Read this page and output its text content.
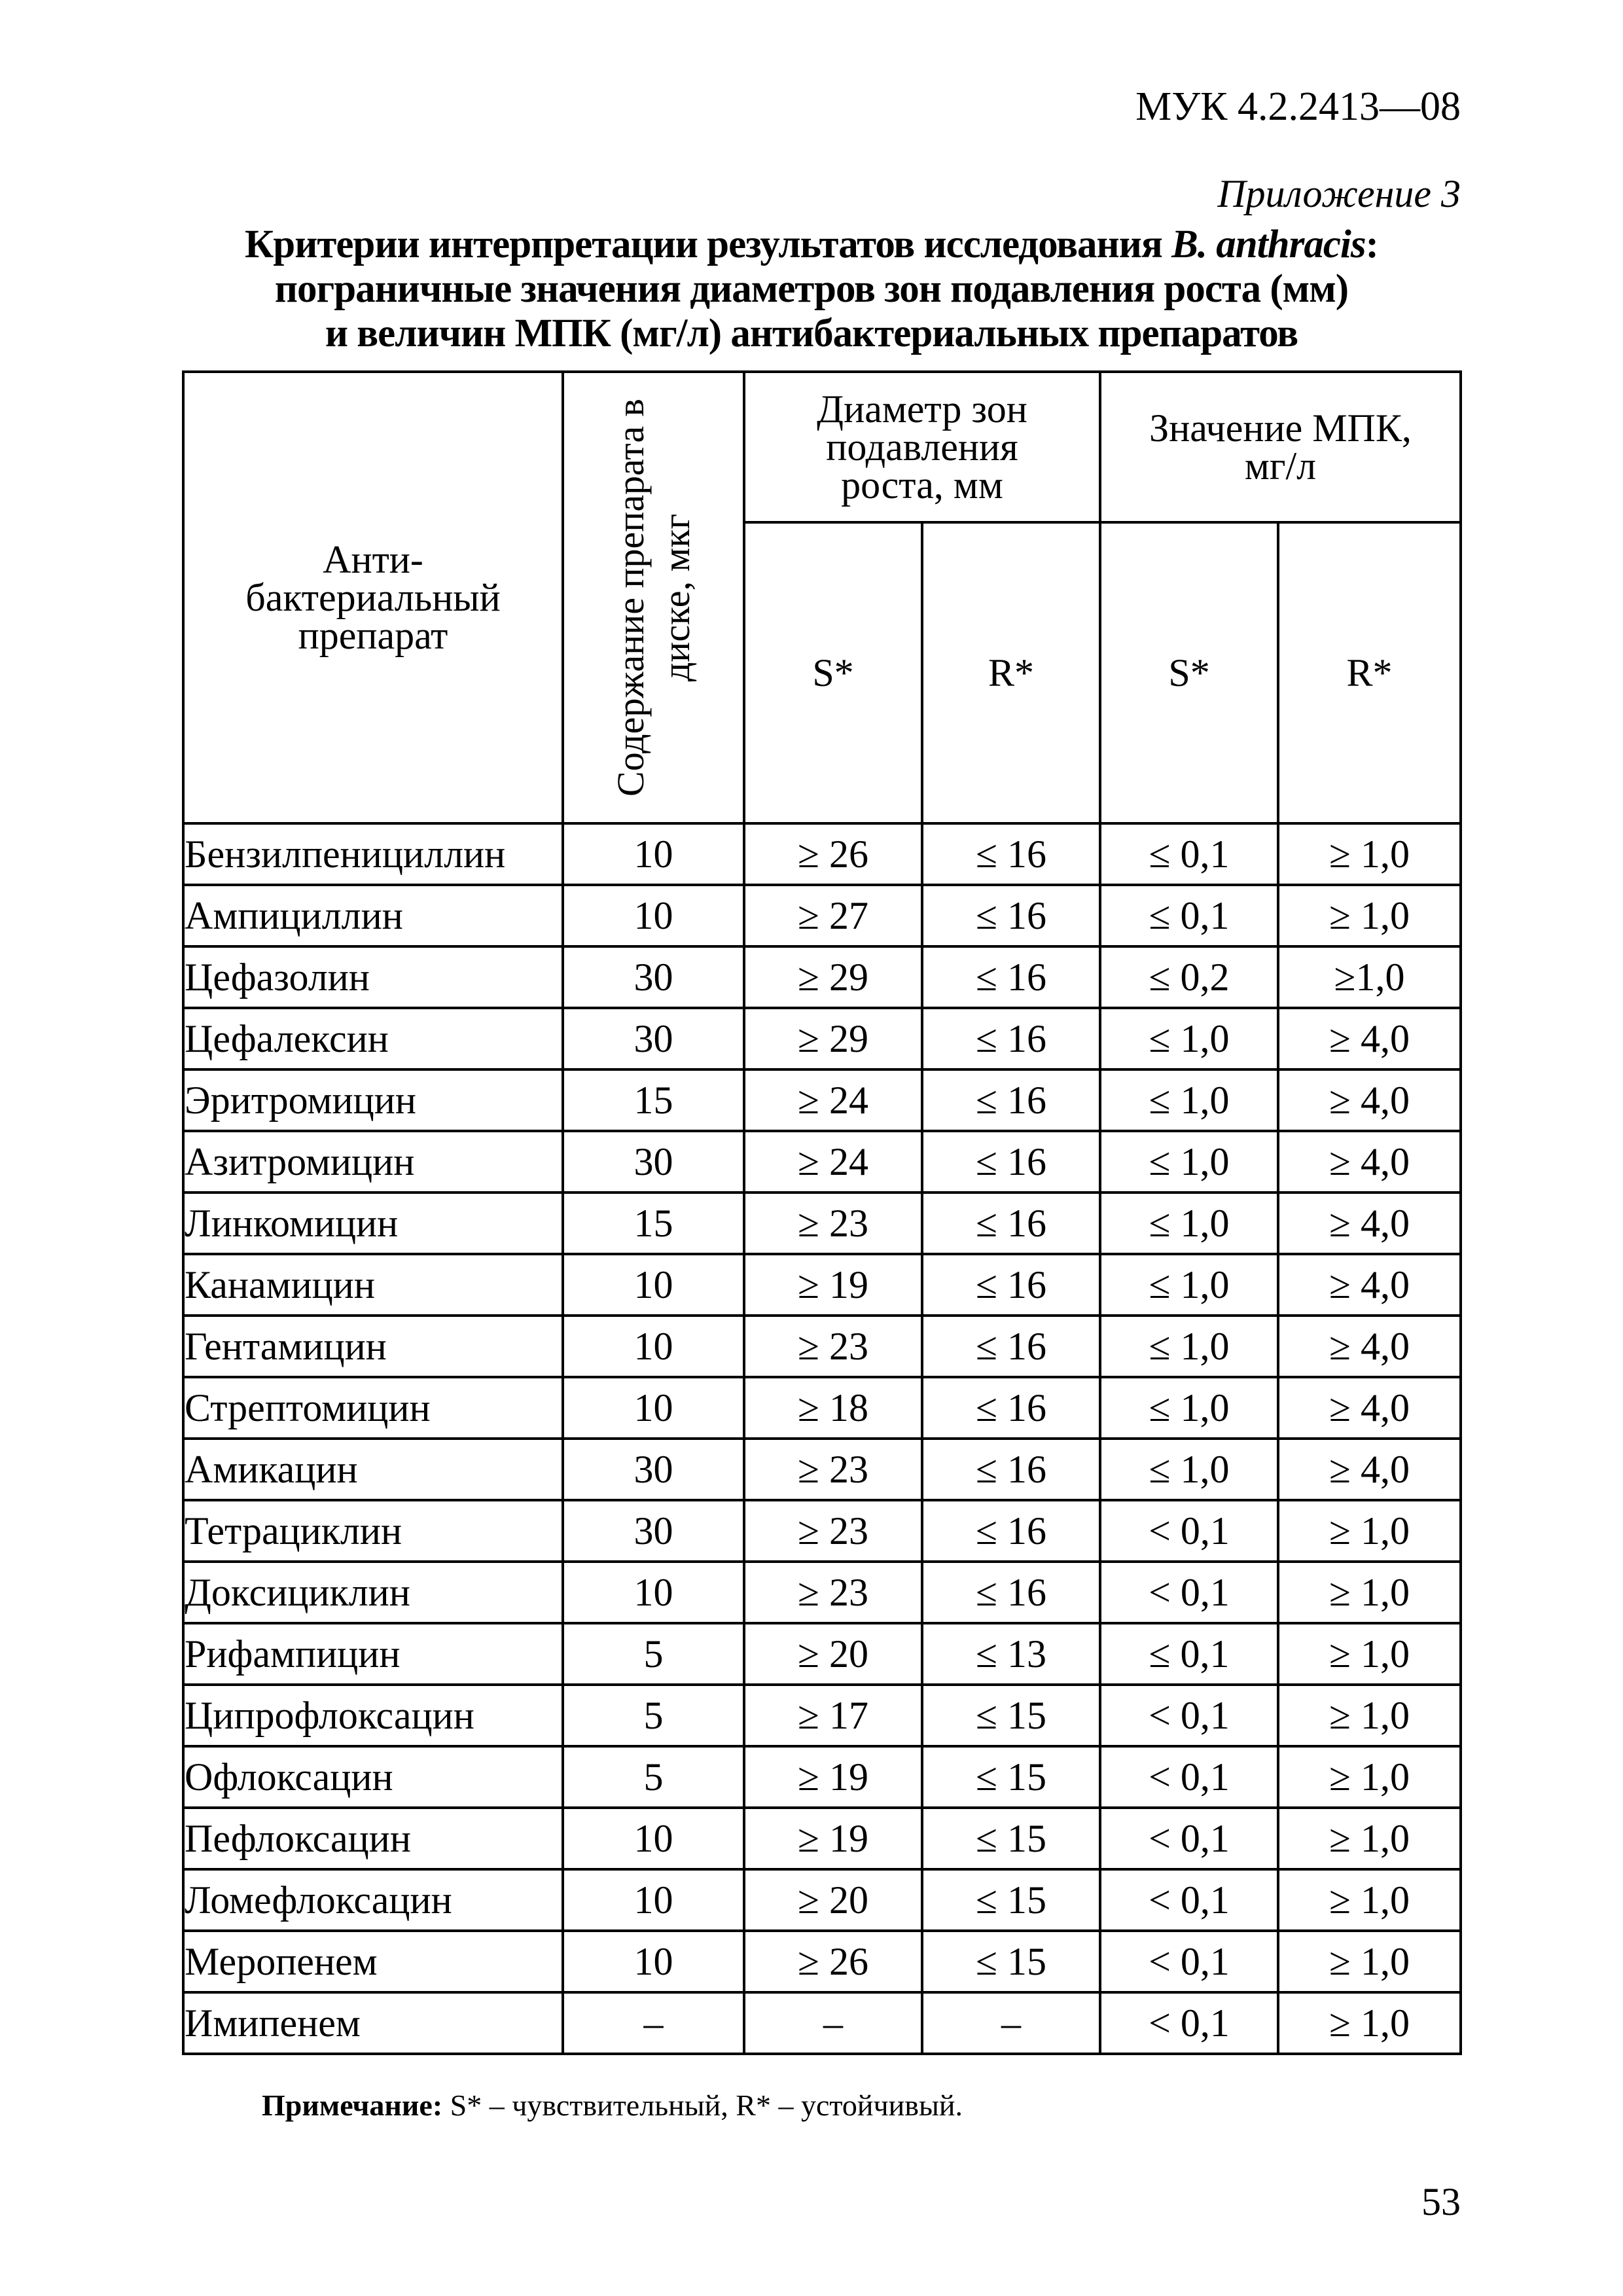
МУК 4.2.2413—08
Приложение 3
Критерии интерпретации результатов исследования B. anthracis:
пограничные значения диаметров зон подавления роста (мм)
и величин МПК (мг/л) антибактериальных препаратов
Анти- бактериальный препарат	Содержание препарата в диске, мкг	Диаметр зон подавления роста, мм		Значение МПК, мг/л	
		S*	R*	S*	R*
Бензилпенициллин	10	≥ 26	≤ 16	≤ 0,1	≥ 1,0
Ампициллин	10	≥ 27	≤ 16	≤ 0,1	≥ 1,0
Цефазолин	30	≥ 29	≤ 16	≤ 0,2	≥1,0
Цефалексин	30	≥ 29	≤ 16	≤ 1,0	≥ 4,0
Эритромицин	15	≥ 24	≤ 16	≤ 1,0	≥ 4,0
Азитромицин	30	≥ 24	≤ 16	≤ 1,0	≥ 4,0
Линкомицин	15	≥ 23	≤ 16	≤ 1,0	≥ 4,0
Канамицин	10	≥ 19	≤ 16	≤ 1,0	≥ 4,0
Гентамицин	10	≥ 23	≤ 16	≤ 1,0	≥ 4,0
Стрептомицин	10	≥ 18	≤ 16	≤ 1,0	≥ 4,0
Амикацин	30	≥ 23	≤ 16	≤ 1,0	≥ 4,0
Тетрациклин	30	≥ 23	≤ 16	< 0,1	≥ 1,0
Доксициклин	10	≥ 23	≤ 16	< 0,1	≥ 1,0
Рифампицин	5	≥ 20	≤ 13	≤ 0,1	≥ 1,0
Ципрофлоксацин	5	≥ 17	≤ 15	< 0,1	≥ 1,0
Офлоксацин	5	≥ 19	≤ 15	< 0,1	≥ 1,0
Пефлоксацин	10	≥ 19	≤ 15	< 0,1	≥ 1,0
Ломефлоксацин	10	≥ 20	≤ 15	< 0,1	≥ 1,0
Меропенем	10	≥ 26	≤ 15	< 0,1	≥ 1,0
Имипенем	–	–	–	< 0,1	≥ 1,0
Примечание: S* – чувствительный, R* – устойчивый.
53
